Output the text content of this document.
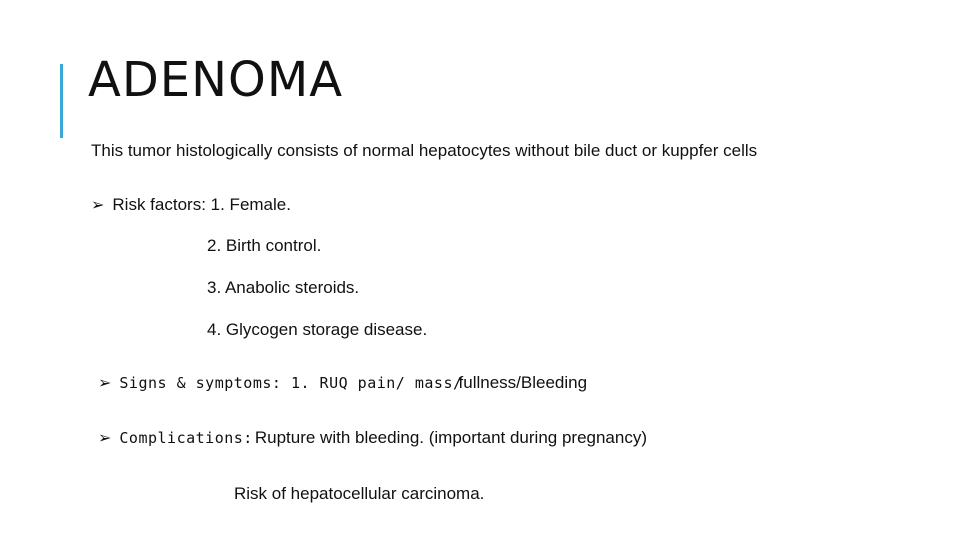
ADENOMA
This tumor histologically consists of normal hepatocytes without bile duct or kuppfer cells
➢ Risk factors: 1. Female.
2. Birth control.
3. Anabolic steroids.
4. Glycogen storage disease.
➢ Signs & symptoms: 1. RUQ pain/ mass/fullness/Bleeding
➢ Complications: Rupture with bleeding. (important during pregnancy)
Risk of hepatocellular carcinoma.
